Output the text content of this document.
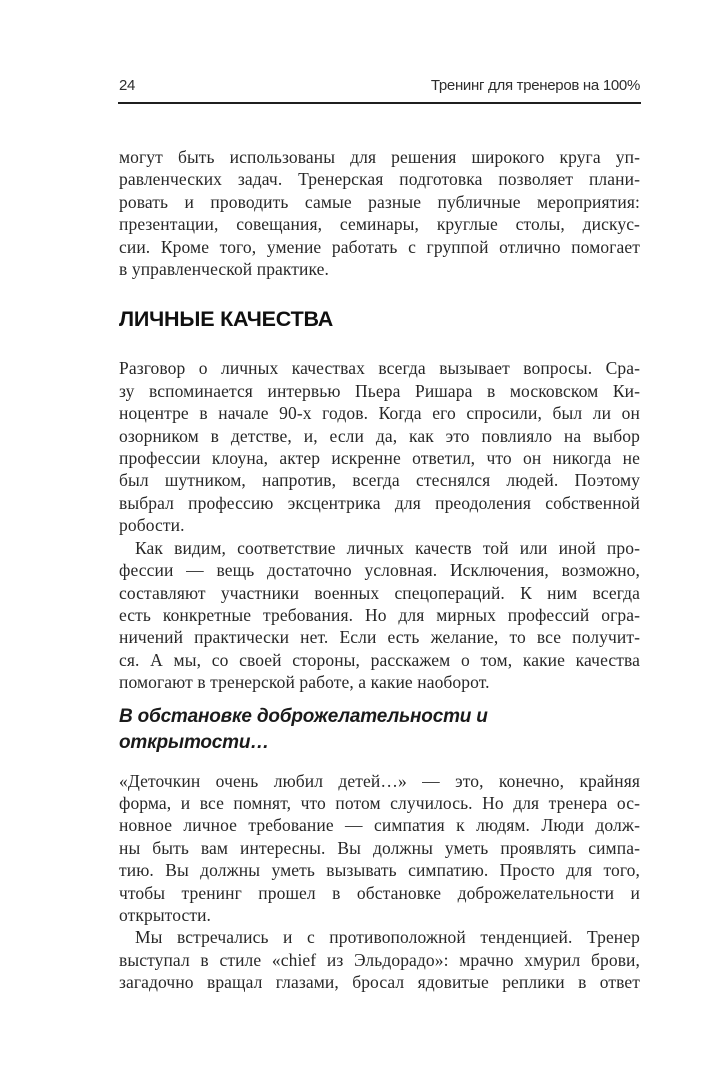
24	Тренинг для тренеров на 100%
могут быть использованы для решения широкого круга уп-
равленческих задач. Тренерская подготовка позволяет плани-
ровать и проводить самые разные публичные мероприятия:
презентации, совещания, семинары, круглые столы, дискус-
сии. Кроме того, умение работать с группой отлично помогает
в управленческой практике.
ЛИЧНЫЕ КАЧЕСТВА
Разговор о личных качествах всегда вызывает вопросы. Сра-
зу вспоминается интервью Пьера Ришара в московском Ки-
ноцентре в начале 90-х годов. Когда его спросили, был ли он
озорником в детстве, и, если да, как это повлияло на выбор
профессии клоуна, актер искренне ответил, что он никогда не
был шутником, напротив, всегда стеснялся людей. Поэтому
выбрал профессию эксцентрика для преодоления собственной
робости.
Как видим, соответствие личных качеств той или иной про-
фессии — вещь достаточно условная. Исключения, возможно,
составляют участники военных спецопераций. К ним всегда
есть конкретные требования. Но для мирных профессий огра-
ничений практически нет. Если есть желание, то все получит-
ся. А мы, со своей стороны, расскажем о том, какие качества
помогают в тренерской работе, а какие наоборот.
В обстановке доброжелательности и открытости…
«Деточкин очень любил детей…» — это, конечно, крайняя
форма, и все помнят, что потом случилось. Но для тренера ос-
новное личное требование — симпатия к людям. Люди долж-
ны быть вам интересны. Вы должны уметь проявлять симпа-
тию. Вы должны уметь вызывать симпатию. Просто для того,
чтобы тренинг прошел в обстановке доброжелательности и
открытости.
Мы встречались и с противоположной тенденцией. Тренер
выступал в стиле «chief из Эльдорадо»: мрачно хмурил брови,
загадочно вращал глазами, бросал ядовитые реплики в ответ
